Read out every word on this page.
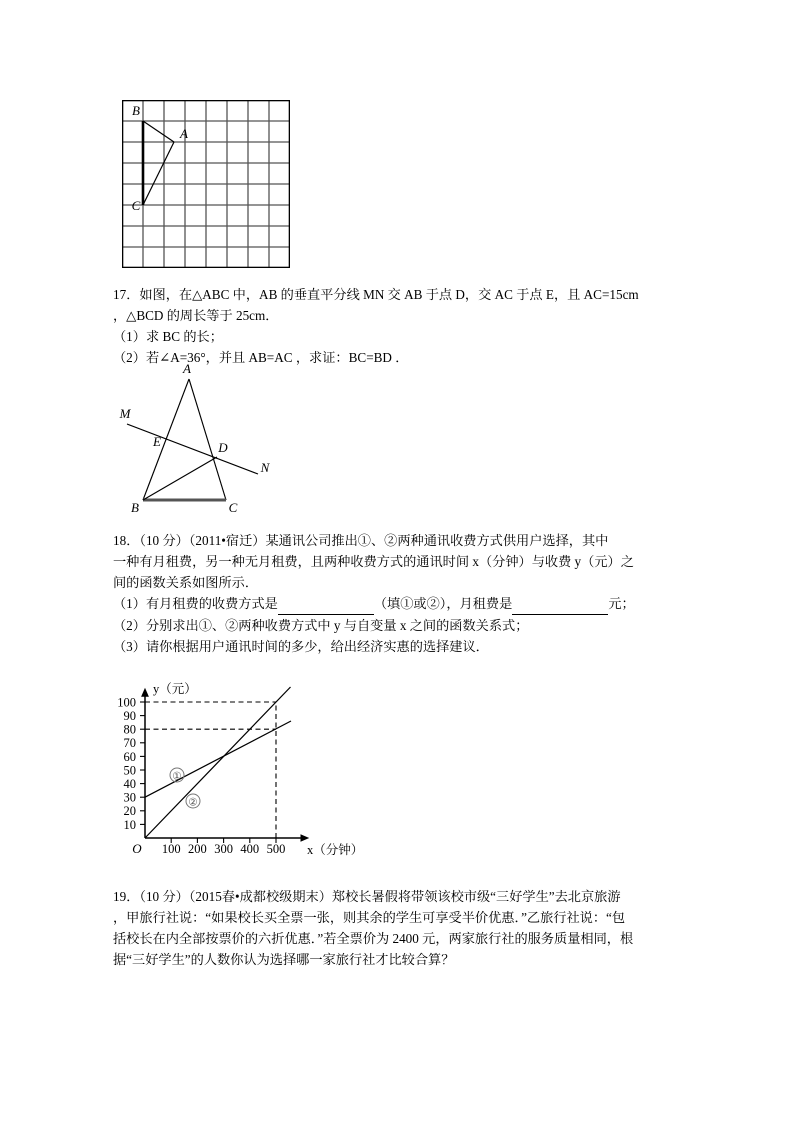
B
A
C
17．如图，在△ABC 中，AB 的垂直平分线 MN 交 AB 于点 D，交 AC 于点 E，且 AC=15cm
，△BCD 的周长等于 25cm．
（1）求 BC 的长；
（2）若∠A=36°，并且 AB=AC ，求证：BC=BD ．
A
B	C
D
E
M
N
18．（10 分）（2011•宿迁）某通讯公司推出①、②两种通讯收费方式供用户选择，其中
一种有月租费，另一种无月租费，且两种收费方式的通讯时间 x（分钟）与收费 y（元）之
间的函数关系如图所示．
（1）有月租费的收费方式是	（填①或②），月租费是	元；
（2）分别求出①、②两种收费方式中 y 与自变量 x 之间的函数关系式；
（3）请你根据用户通讯时间的多少，给出经济实惠的选择建议．
10
20
30
40
50
60
70
80
90
100
100 200 300 400 500
O
y（元）
x（分钟）
①
②
19．（10 分）（2015春•成都校级期末）郑校长暑假将带领该校市级“三好学生”去北京旅游
，甲旅行社说：“如果校长买全票一张，则其余的学生可享受半价优惠．”乙旅行社说：“包
括校长在内全部按票价的六折优惠．”若全票价为 2400 元，两家旅行社的服务质量相同，根
据“三好学生”的人数你认为选择哪一家旅行社才比较合算？
